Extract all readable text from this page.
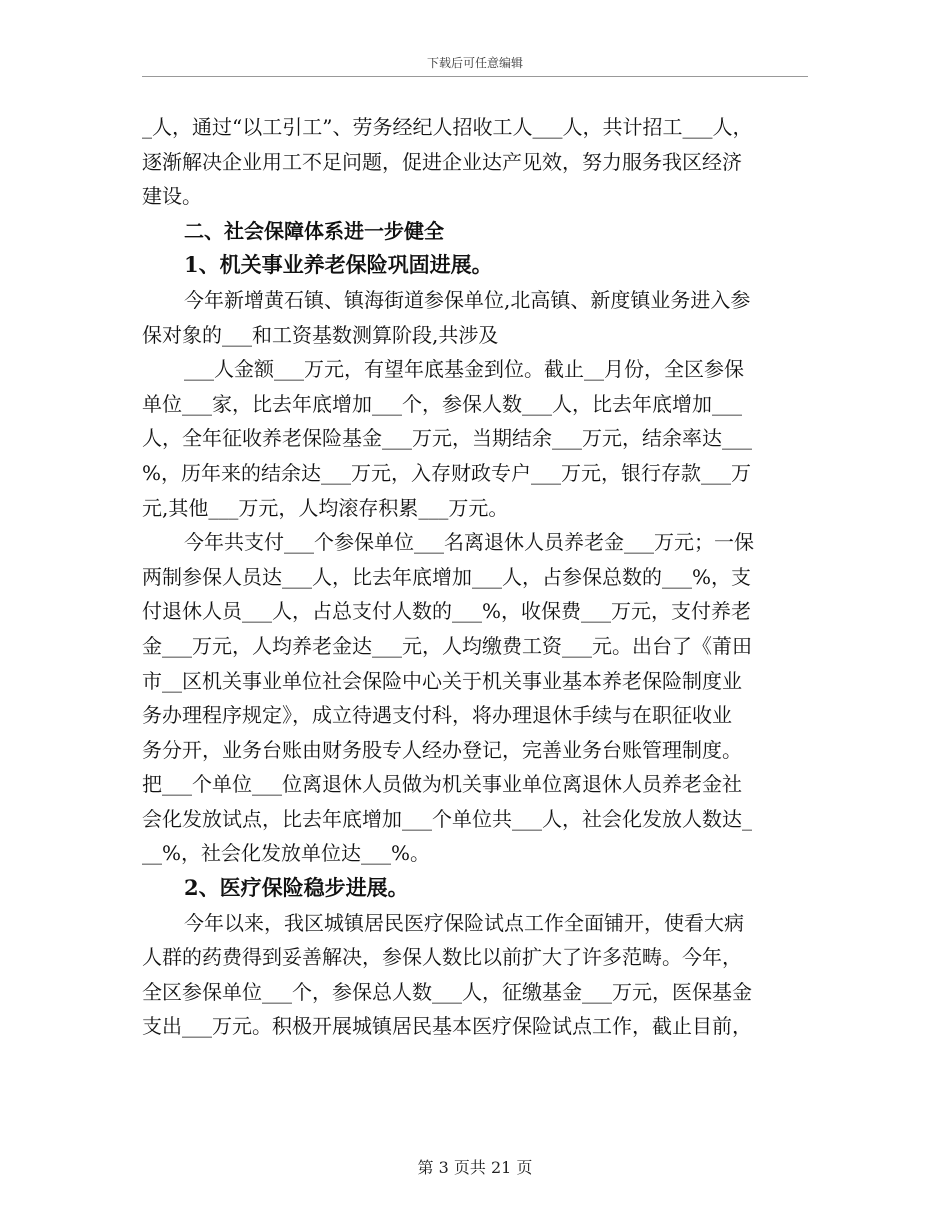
下载后可任意编辑
_人，通过“以工引工”、劳务经纪人招收工人___人，共计招工___人，
逐渐解决企业用工不足问题，促进企业达产见效，努力服务我区经济
建设。
二、社会保障体系进一步健全
1、机关事业养老保险巩固进展。
今年新增黄石镇、镇海街道参保单位,北高镇、新度镇业务进入参
保对象的___和工资基数测算阶段,共涉及
___人金额___万元，有望年底基金到位。截止__月份，全区参保
单位___家，比去年底增加___个，参保人数___人，比去年底增加___
人，全年征收养老保险基金___万元，当期结余___万元，结余率达___
%，历年来的结余达___万元，入存财政专户___万元，银行存款___万
元,其他___万元，人均滚存积累___万元。
今年共支付___个参保单位___名离退休人员养老金___万元；一保
两制参保人员达___人，比去年底增加___人，占参保总数的___%，支
付退休人员___人，占总支付人数的___%，收保费___万元，支付养老
金___万元，人均养老金达___元，人均缴费工资___元。出台了《莆田
市__区机关事业单位社会保险中心关于机关事业基本养老保险制度业
务办理程序规定》，成立待遇支付科，将办理退休手续与在职征收业
务分开，业务台账由财务股专人经办登记，完善业务台账管理制度。
把___个单位___位离退休人员做为机关事业单位离退休人员养老金社
会化发放试点，比去年底增加___个单位共___人，社会化发放人数达_
__%，社会化发放单位达___%。
2、医疗保险稳步进展。
今年以来，我区城镇居民医疗保险试点工作全面铺开，使看大病
人群的药费得到妥善解决，参保人数比以前扩大了许多范畴。今年，
全区参保单位___个，参保总人数___人，征缴基金___万元，医保基金
支出___万元。积极开展城镇居民基本医疗保险试点工作，截止目前，
第 3 页共 21 页
